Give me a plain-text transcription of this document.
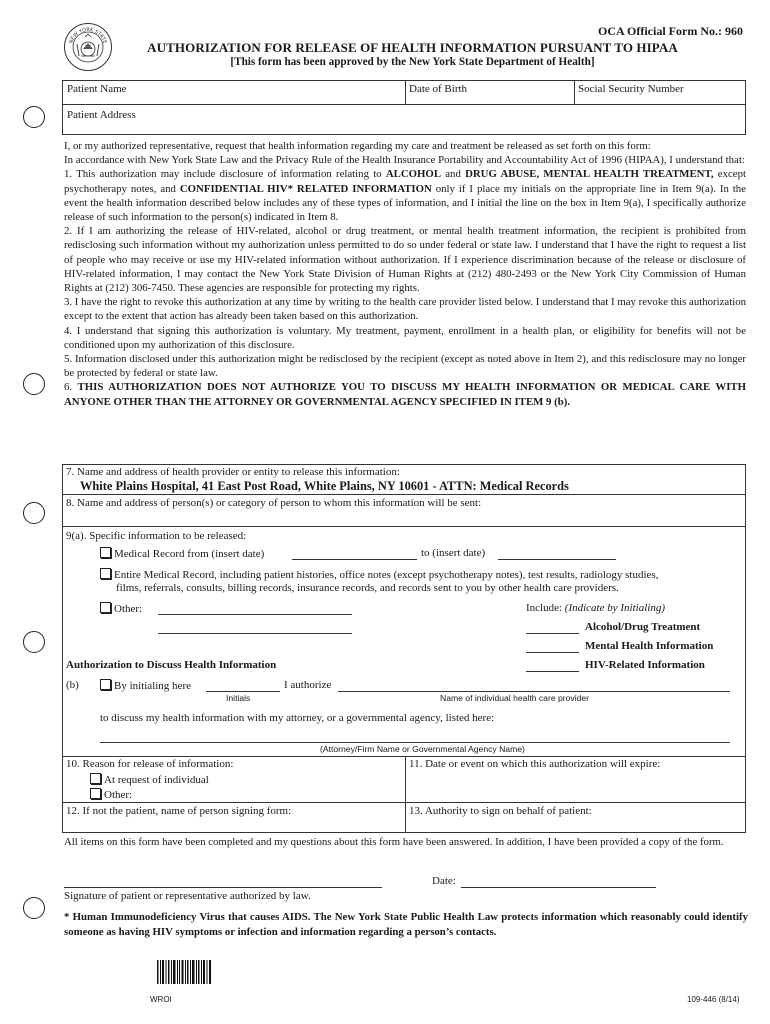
NEW YORK STATE
OCA Official Form No.: 960
AUTHORIZATION FOR RELEASE OF HEALTH INFORMATION PURSUANT TO HIPAA
[This form has been approved by the New York State Department of Health]
Patient Name	Date of Birth	Social Security Number
Patient Address

I, or my authorized representative, request that health information regarding my care and treatment be released as set forth on this form:

In accordance with New York State Law and the Privacy Rule of the Health Insurance Portability and Accountability Act of 1996 (HIPAA), I understand that:

1. This authorization may include disclosure of information relating to ALCOHOL and DRUG ABUSE, MENTAL HEALTH TREATMENT, except psychotherapy notes, and CONFIDENTIAL HIV* RELATED INFORMATION only if I place my initials on the appropriate line in Item 9(a). In the event the health information described below includes any of these types of information, and I initial the line on the box in Item 9(a), I specifically authorize release of such information to the person(s) indicated in Item 8.

2. If I am authorizing the release of HIV-related, alcohol or drug treatment, or mental health treatment information, the recipient is prohibited from redisclosing such information without my authorization unless permitted to do so under federal or state law. I understand that I have the right to request a list of people who may receive or use my HIV-related information without authorization. If I experience discrimination because of the release or disclosure of HIV-related information, I may contact the New York State Division of Human Rights at (212) 480-2493 or the New York City Commission of Human Rights at (212) 306-7450. These agencies are responsible for protecting my rights.

3. I have the right to revoke this authorization at any time by writing to the health care provider listed below. I understand that I may revoke this authorization except to the extent that action has already been taken based on this authorization.

4. I understand that signing this authorization is voluntary. My treatment, payment, enrollment in a health plan, or eligibility for benefits will not be conditioned upon my authorization of this disclosure.

5. Information disclosed under this authorization might be redisclosed by the recipient (except as noted above in Item 2), and this redisclosure may no longer be protected by federal or state law.

6. THIS AUTHORIZATION DOES NOT AUTHORIZE YOU TO DISCUSS MY HEALTH INFORMATION OR MEDICAL CARE WITH ANYONE OTHER THAN THE ATTORNEY OR GOVERNMENTAL AGENCY SPECIFIED IN ITEM 9 (b).

7. Name and address of health provider or entity to release this information:
White Plains Hospital, 41 East Post Road, White Plains, NY 10601 - ATTN: Medical Records
8. Name and address of person(s) or category of person to whom this information will be sent:
9(a). Specific information to be released:
Medical Record from (insert date)	to (insert date)
Entire Medical Record, including patient histories, office notes (except psychotherapy notes), test results, radiology studies,
films, referrals, consults, billing records, insurance records, and records sent to you by other health care providers.
Other:	Include: (Indicate by Initialing)
Alcohol/Drug Treatment
Mental Health Information
HIV-Related Information
Authorization to Discuss Health Information
(b)	By initialing here	I authorize
Initials	Name of individual health care provider
to discuss my health information with my attorney, or a governmental agency, listed here:
(Attorney/Firm Name or Governmental Agency Name)
10. Reason for release of information:
At request of individual
Other:
11. Date or event on which this authorization will expire:
12. If not the patient, name of person signing form:	13. Authority to sign on behalf of patient:
All items on this form have been completed and my questions about this form have been answered. In addition, I have been provided a copy of the form.
Date:
Signature of patient or representative authorized by law.
* Human Immunodeficiency Virus that causes AIDS. The New York State Public Health Law protects information which reasonably could identify someone as having HIV symptoms or infection and information regarding a person’s contacts.
WROI	109-446 (8/14)
